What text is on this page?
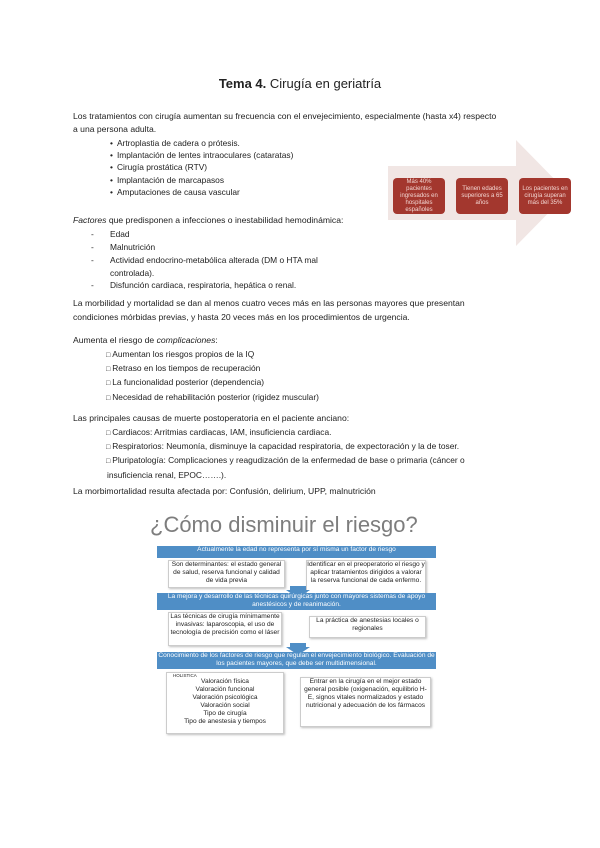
Tema 4. Cirugía en geriatría
Los tratamientos con cirugía aumentan su frecuencia con el envejecimiento, especialmente (hasta x4) respecto
a una persona adulta.
• Artroplastia de cadera o prótesis.
• Implantación de lentes intraoculares (cataratas)
• Cirugía prostática (RTV)
• Implantación de marcapasos
• Amputaciones de causa vascular
Más 40% pacientes ingresados en hospitales españoles
Tienen edades superiores a 65 años
Los pacientes en cirugía superan más del 35%
Factores que predisponen a infecciones o inestabilidad hemodinámica:
- Edad
- Malnutrición
- Actividad endocrino-metabólica alterada (DM o HTA mal
controlada).
- Disfunción cardiaca, respiratoria, hepática o renal.
La morbilidad y mortalidad se dan al menos cuatro veces más en las personas mayores que presentan
condiciones mórbidas previas, y hasta 20 veces más en los procedimientos de urgencia.
Aumenta el riesgo de complicaciones:
□ Aumentan los riesgos propios de la IQ
□ Retraso en los tiempos de recuperación
□ La funcionalidad posterior (dependencia)
□ Necesidad de rehabilitación posterior (rigidez muscular)
Las principales causas de muerte postoperatoria en el paciente anciano:
□ Cardiacos: Arritmias cardiacas, IAM, insuficiencia cardiaca.
□ Respiratorios: Neumonía, disminuye la capacidad respiratoria, de expectoración y la de toser.
□ Pluripatología: Complicaciones y reagudización de la enfermedad de base o primaria (cáncer o
insuficiencia renal, EPOC…….).
La morbimortalidad resulta afectada por: Confusión, delirium, UPP, malnutrición
¿Cómo disminuir el riesgo?
Actualmente la edad no representa por sí misma un factor de riesgo
Son determinantes: el estado general de salud, reserva funcional y calidad de vida previa
Identificar en el preoperatorio el riesgo y aplicar tratamientos dirigidos a valorar la reserva funcional de cada enfermo.
La mejora y desarrollo de las técnicas quirúrgicas junto con mayores sistemas de apoyo anestésicos y de reanimación.
Las técnicas de cirugía mínimamente invasivas: laparoscopia, el uso de tecnología de precisión como el láser
La práctica de anestesias locales o regionales
Conocimiento de los factores de riesgo que regulan el envejecimiento biológico. Evaluación de los pacientes mayores, que debe ser multidimensional.
HOLISTICA
Valoración física
Valoración funcional
Valoración psicológica
Valoración social
Tipo de cirugía
Tipo de anestesia y tiempos
Entrar en la cirugía en el mejor estado general posible (oxigenación, equilibrio H-E, signos vitales normalizados y estado nutricional y adecuación de los fármacos
